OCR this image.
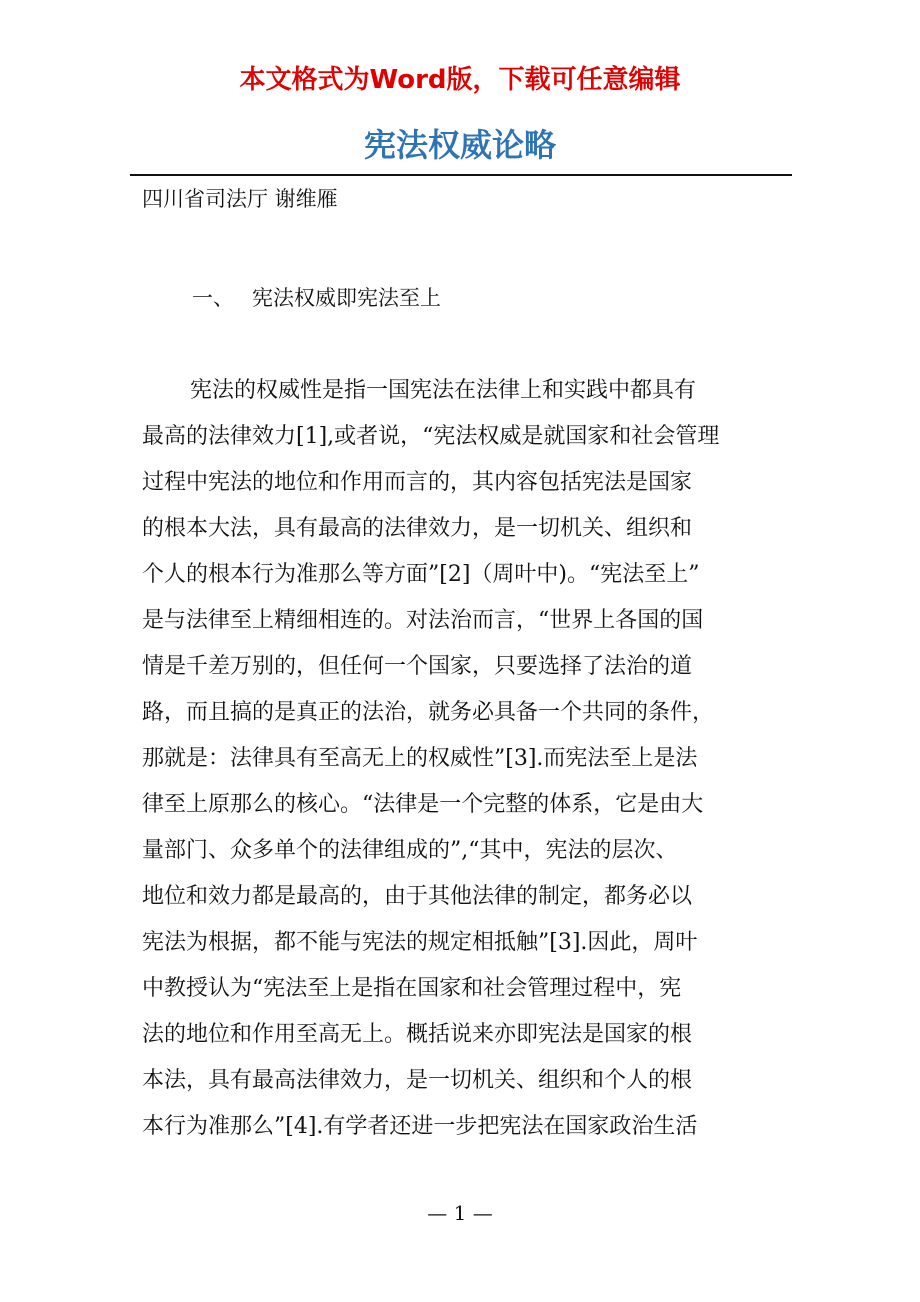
本文格式为Word版，下载可任意编辑
宪法权威论略
四川省司法厅 谢维雁
一、 宪法权威即宪法至上
宪法的权威性是指一国宪法在法律上和实践中都具有
最高的法律效力[1],或者说，“宪法权威是就国家和社会管理
过程中宪法的地位和作用而言的，其内容包括宪法是国家
的根本大法，具有最高的法律效力，是一切机关、组织和
个人的根本行为准那么等方面”[2]（周叶中)。“宪法至上”
是与法律至上精细相连的。对法治而言，“世界上各国的国
情是千差万别的，但任何一个国家，只要选择了法治的道
路，而且搞的是真正的法治，就务必具备一个共同的条件，
那就是：法律具有至高无上的权威性”[3].而宪法至上是法
律至上原那么的核心。“法律是一个完整的体系，它是由大
量部门、众多单个的法律组成的”,“其中，宪法的层次、
地位和效力都是最高的，由于其他法律的制定，都务必以
宪法为根据，都不能与宪法的规定相抵触”[3].因此，周叶
中教授认为“宪法至上是指在国家和社会管理过程中，宪
法的地位和作用至高无上。概括说来亦即宪法是国家的根
本法，具有最高法律效力，是一切机关、组织和个人的根
本行为准那么”[4].有学者还进一步把宪法在国家政治生活
— 1 —
